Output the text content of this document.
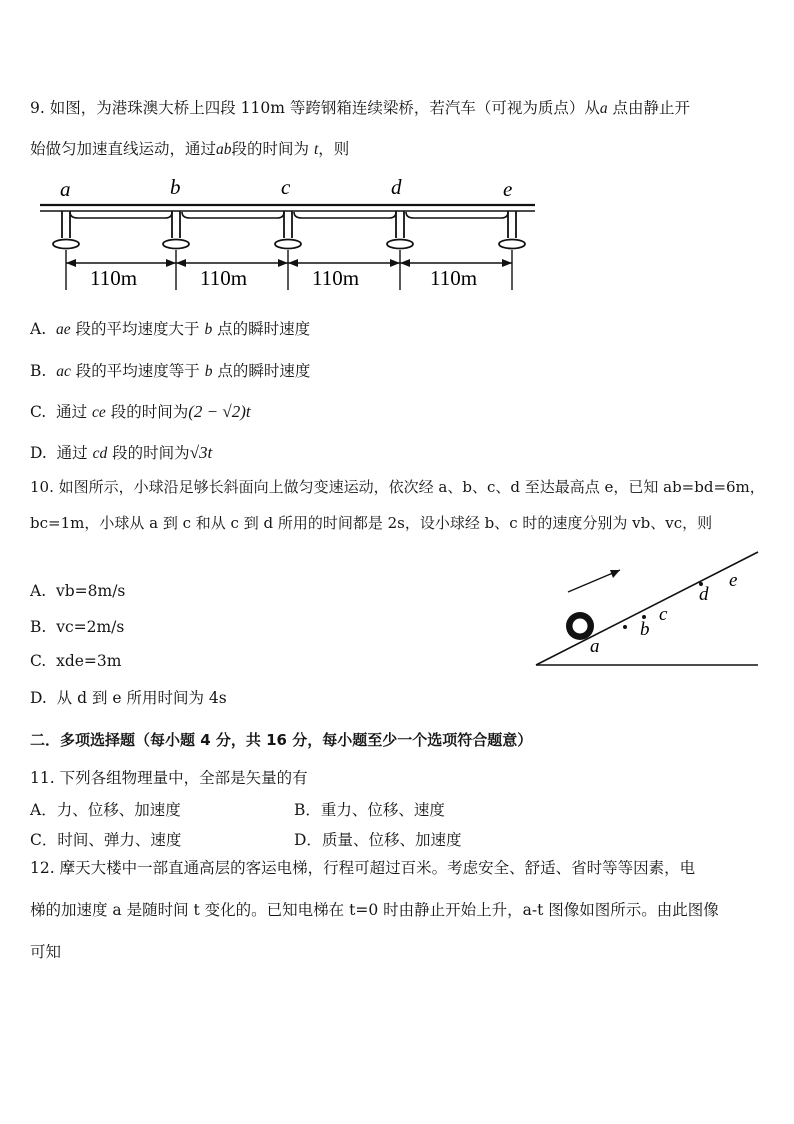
9. 如图，为港珠澳大桥上四段 110m 等跨钢箱连续梁桥，若汽车（可视为质点）从a 点由静止开
始做匀加速直线运动，通过ab段的时间为 t，则
a	b	c	d	e
110m	110m	110m	110m
A. ae 段的平均速度大于 b 点的瞬时速度
B. ac 段的平均速度等于 b 点的瞬时速度
C. 通过 ce 段的时间为(2 − √2)t
D. 通过 cd 段的时间为√3t
10. 如图所示，小球沿足够长斜面向上做匀变速运动，依次经 a、b、c、d 至达最高点 e，已知 ab=bd=6m，
bc=1m，小球从 a 到 c 和从 c 到 d 所用的时间都是 2s，设小球经 b、c 时的速度分别为 vb、vc，则
a
b
c
d
e
A. vb=8m/s
B. vc=2m/s
C. xde=3m
D. 从 d 到 e 所用时间为 4s
二．多项选择题（每小题 4 分，共 16 分，每小题至少一个选项符合题意）
11. 下列各组物理量中，全部是矢量的有
A．力、位移、加速度	B．重力、位移、速度
C．时间、弹力、速度	D．质量、位移、加速度
12. 摩天大楼中一部直通高层的客运电梯，行程可超过百米。考虑安全、舒适、省时等等因素，电
梯的加速度 a 是随时间 t 变化的。已知电梯在 t=0 时由静止开始上升，a-t 图像如图所示。由此图像
可知
